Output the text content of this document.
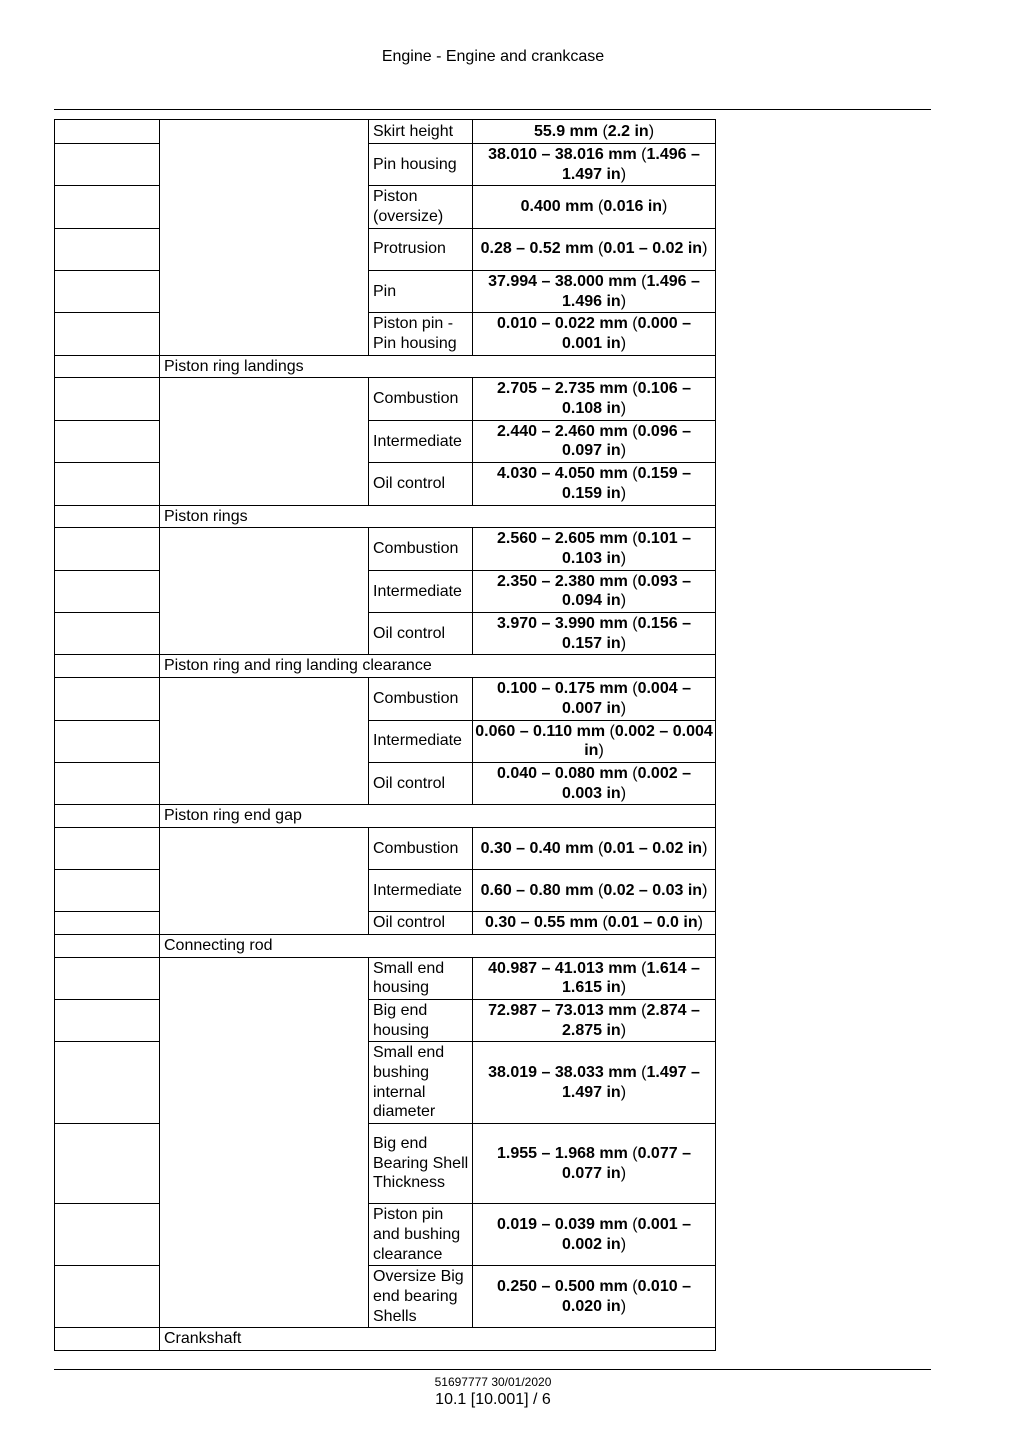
Engine - Engine and crankcase
		Skirt height	55.9 mm (2.2 in)
		Pin housing	38.010 – 38.016 mm (1.496 – 1.497 in)
		Piston (oversize)	0.400 mm (0.016 in)
		Protrusion	0.28 – 0.52 mm (0.01 – 0.02 in)
		Pin	37.994 – 38.000 mm (1.496 – 1.496 in)
		Piston pin - Pin housing	0.010 – 0.022 mm (0.000 – 0.001 in)
	Piston ring landings		
		Combustion	2.705 – 2.735 mm (0.106 – 0.108 in)
		Intermediate	2.440 – 2.460 mm (0.096 – 0.097 in)
		Oil control	4.030 – 4.050 mm (0.159 – 0.159 in)
	Piston rings		
		Combustion	2.560 – 2.605 mm (0.101 – 0.103 in)
		Intermediate	2.350 – 2.380 mm (0.093 – 0.094 in)
		Oil control	3.970 – 3.990 mm (0.156 – 0.157 in)
	Piston ring and ring landing clearance		
		Combustion	0.100 – 0.175 mm (0.004 – 0.007 in)
		Intermediate	0.060 – 0.110 mm (0.002 – 0.004 in)
		Oil control	0.040 – 0.080 mm (0.002 – 0.003 in)
	Piston ring end gap		
		Combustion	0.30 – 0.40 mm (0.01 – 0.02 in)
		Intermediate	0.60 – 0.80 mm (0.02 – 0.03 in)
		Oil control	0.30 – 0.55 mm (0.01 – 0.0 in)
	Connecting rod		
		Small end housing	40.987 – 41.013 mm (1.614 – 1.615 in)
		Big end housing	72.987 – 73.013 mm (2.874 – 2.875 in)
		Small end bushing internal diameter	38.019 – 38.033 mm (1.497 – 1.497 in)
		Big end Bearing Shell Thickness	1.955 – 1.968 mm (0.077 – 0.077 in)
		Piston pin and bushing clearance	0.019 – 0.039 mm (0.001 – 0.002 in)
		Oversize Big end bearing Shells	0.250 – 0.500 mm (0.010 – 0.020 in)
	Crankshaft		
51697777 30/01/2020
10.1 [10.001] / 6
